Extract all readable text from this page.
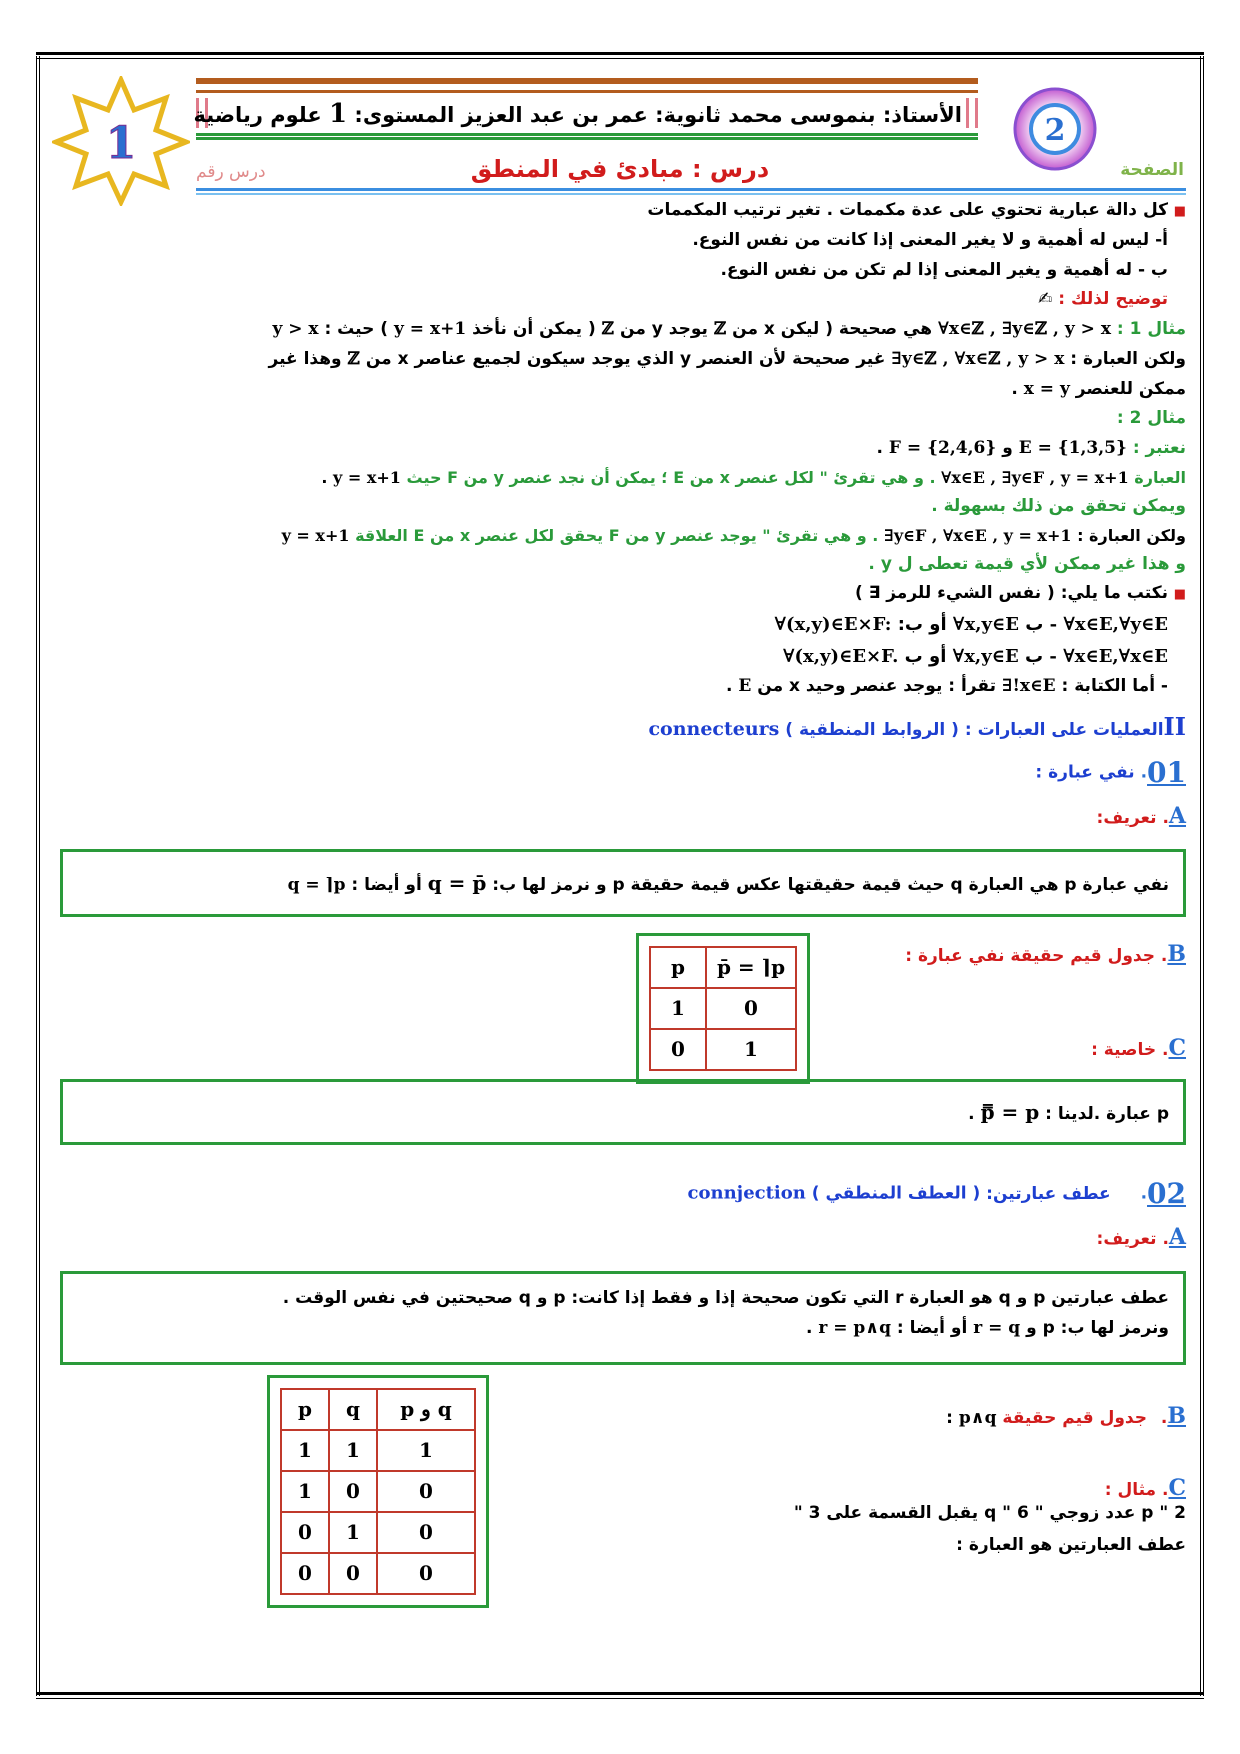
1
الأستاذ: بنموسى محمد ثانوية: عمر بن عبد العزيز المستوى: 1 علوم رياضية	2
الصفحة
درس رقم	درس : مبادئ في المنطق
■كل دالة عبارية تحتوي على عدة مكممات . تغير ترتيب المكممات
أ- ليس له أهمية و لا يغير المعنى إذا كانت من نفس النوع.
ب - له أهمية و يغير المعنى إذا لم تكن من نفس النوع.
توضيح لذلك : ✍
مثال 1 : ∀x∈ℤ , ∃y∈ℤ , y > x هي صحيحة ( ليكن x من ℤ يوجد y من ℤ ( يمكن أن نأخذ y = x+1 ) حيث : y > x
ولكن العبارة : ∃y∈ℤ , ∀x∈ℤ , y > x غير صحيحة لأن العنصر y الذي يوجد سيكون لجميع عناصر x من ℤ وهذا غير
ممكن للعنصر x = y .
مثال 2 :
نعتبر : E = {1,3,5} و F = {2,4,6} .
العبارة ∀x∈E , ∃y∈F , y = x+1 . و هي تقرئ " لكل عنصر x من E ؛ يمكن أن نجد عنصر y من F حيث y = x+1 .
ويمكن تحقق من ذلك بسهولة .
ولكن العبارة : ∃y∈F , ∀x∈E , y = x+1 . و هي تقرئ " يوجد عنصر y من F يحقق لكل عنصر x من E العلاقة y = x+1
و هذا غير ممكن لأي قيمة تعطى ل y .
■نكتب ما يلي: ( نفس الشيء للرمز ∃ )
- ∀x∈E,∀y∈E ب ∀x,y∈E أو ب: ∀(x,y)∈E×F:
- ∀x∈E,∀x∈E ب ∀x,y∈E أو ب ∀(x,y)∈E×F.
- أما الكتابة : ∃!x∈E تقرأ : يوجد عنصر وحيد x من E .
IIالعمليات على العبارات : ( الروابط المنطقية ) connecteurs
01. نفي عبارة :
A. تعريف:
نفي عبارة p هي العبارة q حيث قيمة حقيقتها عكس قيمة حقيقة p و نرمز لها ب: q = p̄ أو أيضا : q = ⌉p
B. جدول قيم حقيقة نفي عبارة :
p	p̄ = ⌉p
1	0
0	1	C. خاصية :
p عبارة .لدينا : p̿ = p .
02. عطف عبارتين: ( العطف المنطقي ) connjection
A. تعريف:
عطف عبارتين p و q هو العبارة r التي تكون صحيحة إذا و فقط إذا كانت: p و q صحيحتين في نفس الوقت .
ونرمز لها ب: p و r = q أو أيضا : r = p∧q .
p	q	p و q
1	1	1
1	0	0
0	1	0
0	0	0
B. جدول قيم حقيقة p∧q :
C. مثال :
p " 2 عدد زوجي " q " 6 يقبل القسمة على 3 "
عطف العبارتين هو العبارة :
